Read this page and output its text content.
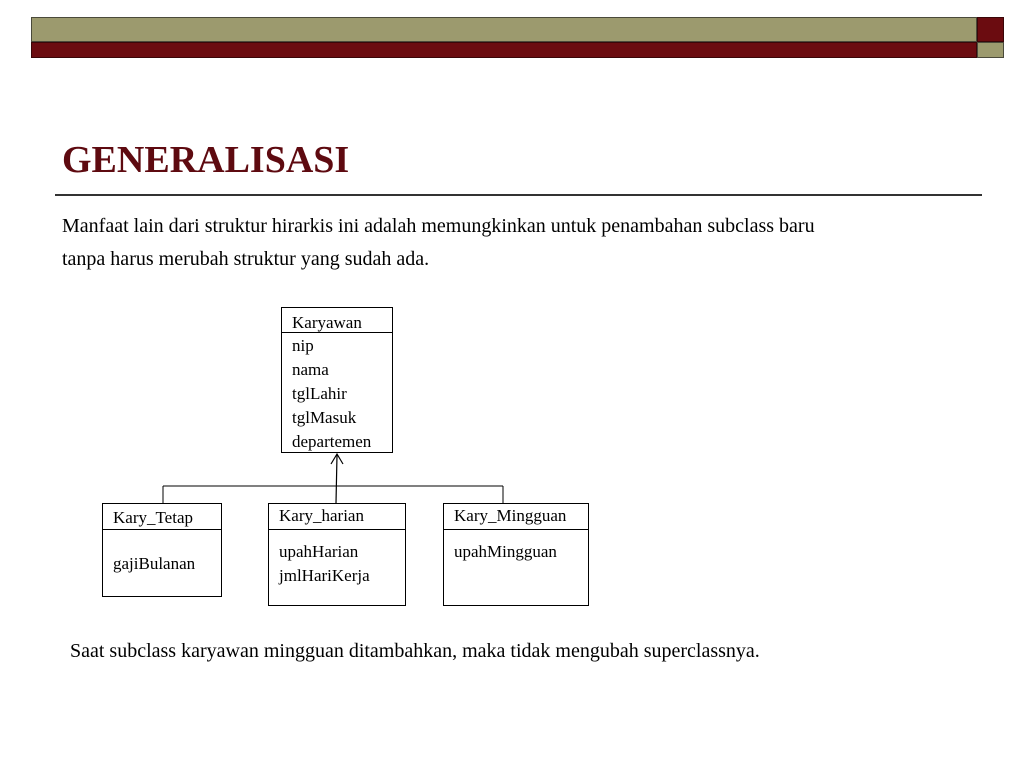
GENERALISASI
Manfaat lain dari struktur hirarkis ini adalah memungkinkan untuk penambahan subclass baru
tanpa harus merubah struktur yang sudah ada.
Karyawan
nip
nama
tglLahir
tglMasuk
departemen
Kary_Tetap
gajiBulanan
Kary_harian
upahHarian
jmlHariKerja
Kary_Mingguan
upahMingguan
Saat subclass karyawan mingguan ditambahkan, maka tidak mengubah superclassnya.
